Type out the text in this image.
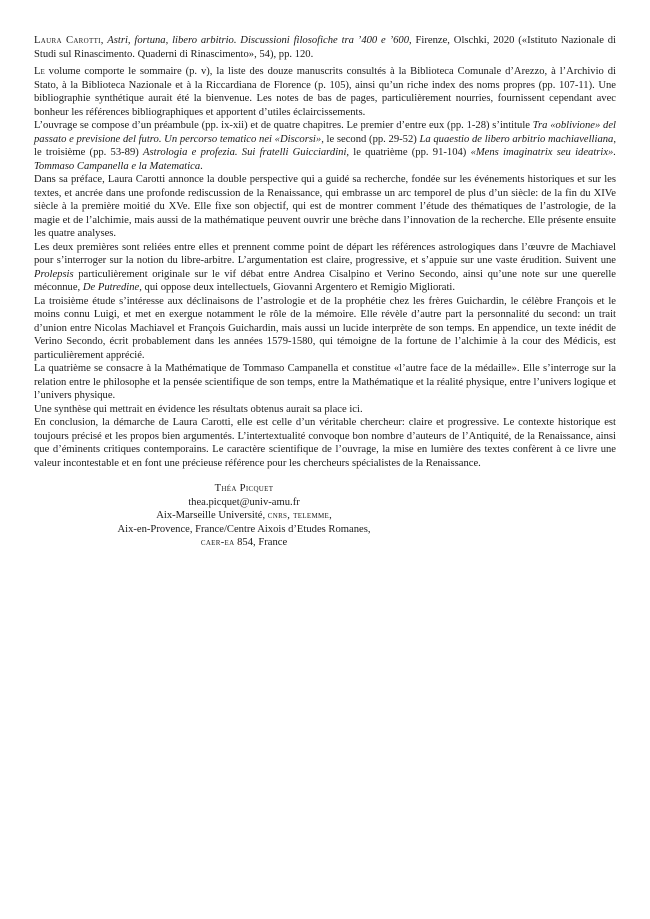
Laura Carotti, Astri, fortuna, libero arbitrio. Discussioni filosofiche tra ’400 e ’600, Firenze, Olschki, 2020 («Istituto Nazionale di Studi sul Rinascimento. Quaderni di Rinascimento», 54), pp. 120.

Le volume comporte le sommaire (p. v), la liste des douze manuscrits consultés à la Biblioteca Comunale d’Arezzo, à l’Archivio di Stato, à la Biblioteca Nazionale et à la Riccardiana de Florence (p. 105), ainsi qu’un riche index des noms propres (pp. 107-11). Une bibliographie synthétique aurait été la bienvenue. Les notes de bas de pages, particulièrement nourries, fournissent cependant avec bonheur les références bibliographiques et apportent d’utiles éclaircissements.

L’ouvrage se compose d’un préambule (pp. ix-xii) et de quatre chapitres. Le premier d’entre eux (pp. 1-28) s’intitule Tra «oblivione» del passato e previsione del futro. Un percorso tematico nei «Discorsi», le second (pp. 29-52) La quaestio de libero arbitrio machiavelliana, le troisième (pp. 53-89) Astrologia e profezia. Sui fratelli Guicciardini, le quatrième (pp. 91-104) «Mens imaginatrix seu ideatrix». Tommaso Campanella e la Matematica.

Dans sa préface, Laura Carotti annonce la double perspective qui a guidé sa recherche, fondée sur les événements historiques et sur les textes, et ancrée dans une profonde rediscussion de la Renaissance, qui embrasse un arc temporel de plus d’un siècle: de la fin du XIVe siècle à la première moitié du XVe. Elle fixe son objectif, qui est de montrer comment l’étude des thématiques de l’astrologie, de la magie et de l’alchimie, mais aussi de la mathématique peuvent ouvrir une brèche dans l’innovation de la recherche. Elle présente ensuite les quatre analyses.

Les deux premières sont reliées entre elles et prennent comme point de départ les références astrologiques dans l’œuvre de Machiavel pour s’interroger sur la notion du libre-arbitre. L’argumentation est claire, progressive, et s’appuie sur une vaste érudition. Suivent une Prolepsis particulièrement originale sur le vif débat entre Andrea Cisalpino et Verino Secondo, ainsi qu’une note sur une querelle méconnue, De Putredine, qui oppose deux intellectuels, Giovanni Argentero et Remigio Migliorati.

La troisième étude s’intéresse aux déclinaisons de l’astrologie et de la prophétie chez les frères Guichardin, le célèbre François et le moins connu Luigi, et met en exergue notamment le rôle de la mémoire. Elle révèle d’autre part la personnalité du second: un trait d’union entre Nicolas Machiavel et François Guichardin, mais aussi un lucide interprète de son temps. En appendice, un texte inédit de Verino Secondo, écrit probablement dans les années 1579-1580, qui témoigne de la fortune de l’alchimie à la cour des Médicis, est particulièrement apprécié.

La quatrième se consacre à la Mathématique de Tommaso Campanella et constitue «l’autre face de la médaille». Elle s’interroge sur la relation entre le philosophe et la pensée scientifique de son temps, entre la Mathématique et la réalité physique, entre l’univers logique et l’univers physique.

Une synthèse qui mettrait en évidence les résultats obtenus aurait sa place ici.

En conclusion, la démarche de Laura Carotti, elle est celle d’un véritable chercheur: claire et progressive. Le contexte historique est toujours précisé et les propos bien argumentés. L’intertextualité convoque bon nombre d’auteurs de l’Antiquité, de la Renaissance, ainsi que d’éminents critiques contemporains. Le caractère scientifique de l’ouvrage, la mise en lumière des textes confèrent à ce livre une valeur incontestable et en font une précieuse référence pour les chercheurs spécialistes de la Renaissance.

Théa Picquet
thea.picquet@univ-amu.fr
Aix-Marseille Université, cnrs, telemme,
Aix-en-Provence, France/Centre Aixois d’Etudes Romanes,
caer-ea 854, France
